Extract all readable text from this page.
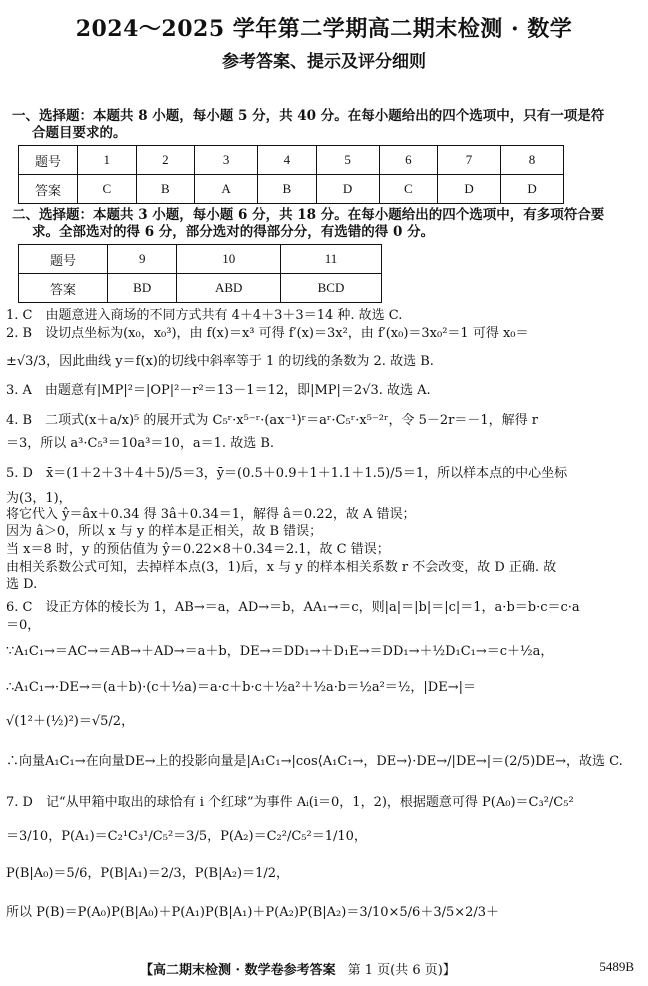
2024～2025 学年第二学期高二期末检测 · 数学
参考答案、提示及评分细则
一、选择题：本题共 8 小题，每小题 5 分，共 40 分。在每小题给出的四个选项中，只有一项是符
合题目要求的。
题号	1	2	3	4	5	6	7	8
答案	C	B	A	B	D	C	D	D
二、选择题：本题共 3 小题，每小题 6 分，共 18 分。在每小题给出的四个选项中，有多项符合要
求。全部选对的得 6 分，部分选对的得部分分，有选错的得 0 分。
题号	9	10	11
答案	BD	ABD	BCD
1. C　由题意进入商场的不同方式共有 4＋4＋3＋3＝14 种. 故选 C.
2. B　设切点坐标为(x₀，x₀³)，由 f(x)＝x³ 可得 f′(x)＝3x²，由 f′(x₀)＝3x₀²＝1 可得 x₀＝
±√3/3，因此曲线 y＝f(x)的切线中斜率等于 1 的切线的条数为 2. 故选 B.
3. A　由题意有|MP|²＝|OP|²－r²＝13－1＝12，即|MP|＝2√3. 故选 A.
4. B　二项式(x＋a/x)⁵ 的展开式为 C₅ʳ·x⁵⁻ʳ·(ax⁻¹)ʳ＝aʳ·C₅ʳ·x⁵⁻²ʳ，令 5－2r＝－1，解得 r
＝3，所以 a³·C₅³＝10a³＝10，a＝1. 故选 B.
5. D　x̄＝(1＋2＋3＋4＋5)/5＝3，ȳ＝(0.5＋0.9＋1＋1.1＋1.5)/5＝1，所以样本点的中心坐标
为(3，1)，
将它代入 ŷ＝âx＋0.34 得 3â＋0.34＝1，解得 â＝0.22，故 A 错误；
因为 â＞0，所以 x 与 y 的样本是正相关，故 B 错误；
当 x＝8 时，y 的预估值为 ŷ＝0.22×8＋0.34＝2.1，故 C 错误；
由相关系数公式可知，去掉样本点(3，1)后，x 与 y 的样本相关系数 r 不会改变，故 D 正确. 故
选 D.
6. C　设正方体的棱长为 1，AB→＝a，AD→＝b，AA₁→＝c，则|a|＝|b|＝|c|＝1，a·b＝b·c＝c·a
＝0，
∵A₁C₁→＝AC→＝AB→＋AD→＝a＋b，DE→＝DD₁→＋D₁E→＝DD₁→＋½D₁C₁→＝c＋½a，
∴A₁C₁→·DE→＝(a＋b)·(c＋½a)＝a·c＋b·c＋½a²＋½a·b＝½a²＝½，|DE→|＝
√(1²＋(½)²)＝√5/2，
∴向量A₁C₁→在向量DE→上的投影向量是|A₁C₁→|cos⟨A₁C₁→，DE→⟩·DE→/|DE→|＝(2/5)DE→，故选 C.
7. D　记“从甲箱中取出的球恰有 i 个红球”为事件 Aᵢ(i＝0，1，2)，根据题意可得 P(A₀)＝C₃²/C₅²
＝3/10，P(A₁)＝C₂¹C₃¹/C₅²＝3/5，P(A₂)＝C₂²/C₅²＝1/10，
P(B|A₀)＝5/6，P(B|A₁)＝2/3，P(B|A₂)＝1/2，
所以 P(B)＝P(A₀)P(B|A₀)＋P(A₁)P(B|A₁)＋P(A₂)P(B|A₂)＝3/10×5/6＋3/5×2/3＋
【高二期末检测 · 数学卷参考答案 第 1 页(共 6 页)】	5489B
